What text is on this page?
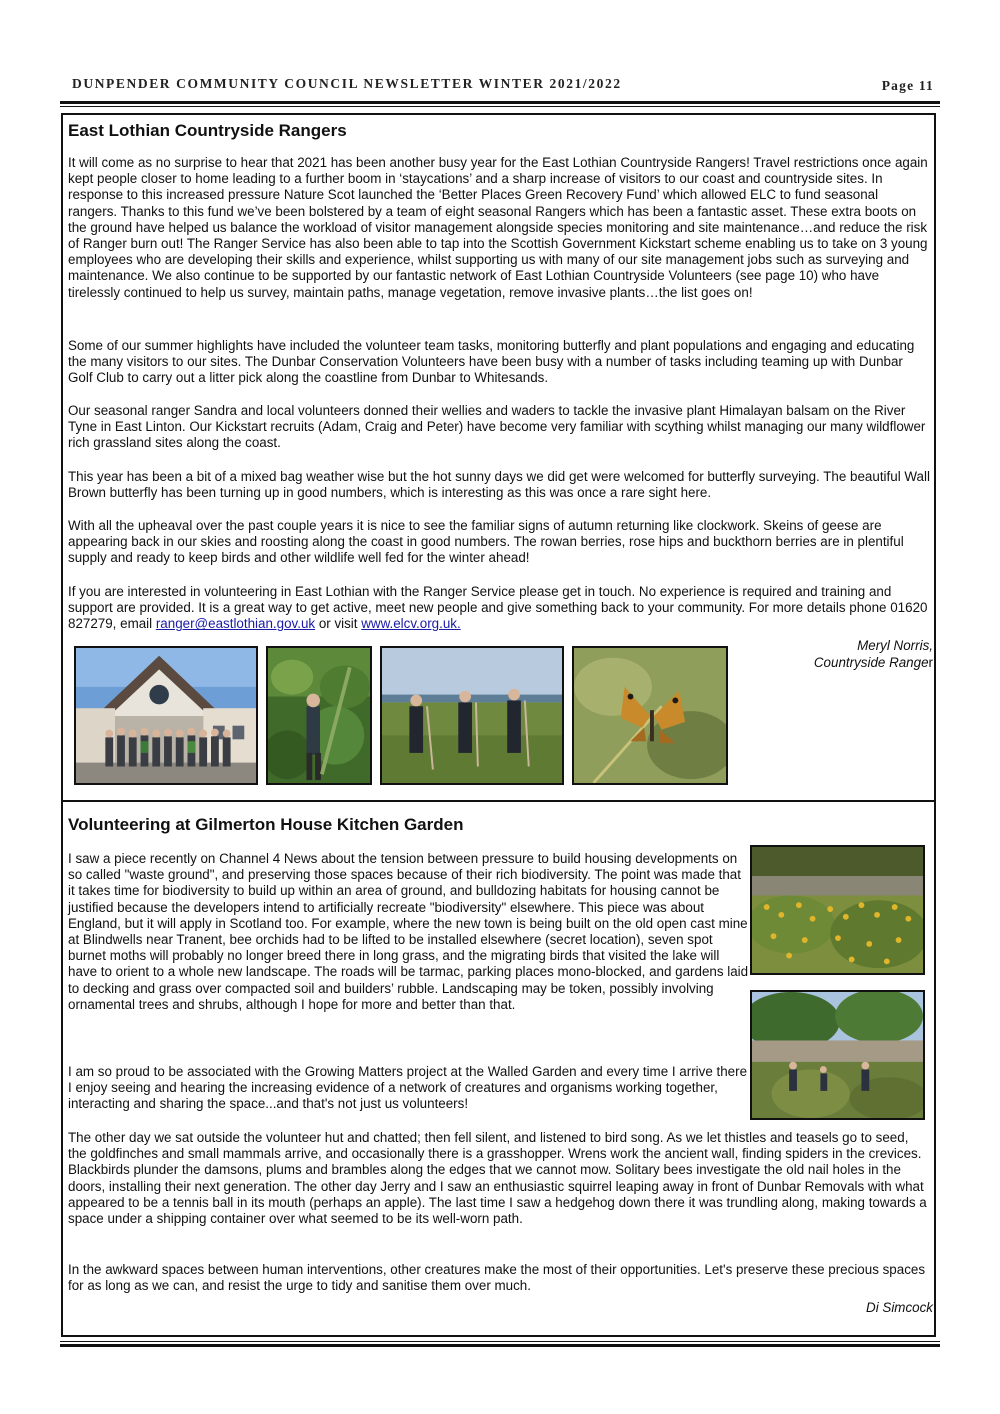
DUNPENDER COMMUNITY COUNCIL NEWSLETTER WINTER 2021/2022	Page 11
East Lothian Countryside Rangers

It will come as no surprise to hear that 2021 has been another busy year for the East Lothian Countryside Rangers! Travel restrictions once again kept people closer to home leading to a further boom in ‘staycations’ and a sharp increase of visitors to our coast and countryside sites. In response to this increased pressure Nature Scot launched the ‘Better Places Green Recovery Fund’ which allowed ELC to fund seasonal rangers. Thanks to this fund we’ve been bolstered by a team of eight seasonal Rangers which has been a fantastic asset. These extra boots on the ground have helped us balance the workload of visitor management alongside species monitoring and site maintenance…and reduce the risk of Ranger burn out! The Ranger Service has also been able to tap into the Scottish Government Kickstart scheme enabling us to take on 3 young employees who are developing their skills and experience, whilst supporting us with many of our site management jobs such as surveying and maintenance. We also continue to be supported by our fantastic network of East Lothian Countryside Volunteers (see page 10) who have tirelessly continued to help us survey, maintain paths, manage vegetation, remove invasive plants…the list goes on!

Some of our summer highlights have included the volunteer team tasks, monitoring butterfly and plant populations and engaging and educating the many visitors to our sites. The Dunbar Conservation Volunteers have been busy with a number of tasks including teaming up with Dunbar Golf Club to carry out a litter pick along the coastline from Dunbar to Whitesands.

Our seasonal ranger Sandra and local volunteers donned their wellies and waders to tackle the invasive plant Himalayan balsam on the River Tyne in East Linton. Our Kickstart recruits (Adam, Craig and Peter) have become very familiar with scything whilst managing our many wildflower rich grassland sites along the coast.

This year has been a bit of a mixed bag weather wise but the hot sunny days we did get were welcomed for butterfly surveying. The beautiful Wall Brown butterfly has been turning up in good numbers, which is interesting as this was once a rare sight here.

With all the upheaval over the past couple years it is nice to see the familiar signs of autumn returning like clockwork. Skeins of geese are appearing back in our skies and roosting along the coast in good numbers. The rowan berries, rose hips and buckthorn berries are in plentiful supply and ready to keep birds and other wildlife well fed for the winter ahead!

If you are interested in volunteering in East Lothian with the Ranger Service please get in touch. No experience is required and training and support are provided. It is a great way to get active, meet new people and give something back to your community. For more details phone 01620 827279, email ranger@eastlothian.gov.uk or visit www.elcv.org.uk.

Meryl Norris,
Countryside Ranger
Volunteering at Gilmerton House Kitchen Garden

I saw a piece recently on Channel 4 News about the tension between pressure to build housing developments on so called "waste ground", and preserving those spaces because of their rich biodiversity. The point was made that it takes time for biodiversity to build up within an area of ground, and bulldozing habitats for housing cannot be justified because the developers intend to artificially recreate "biodiversity" elsewhere. This piece was about England, but it will apply in Scotland too. For example, where the new town is being built on the old open cast mine at Blindwells near Tranent, bee orchids had to be lifted to be installed elsewhere (secret location), seven spot burnet moths will probably no longer breed there in long grass, and the migrating birds that visited the lake will have to orient to a whole new landscape. The roads will be tarmac, parking places mono-blocked, and gardens laid to decking and grass over compacted soil and builders’ rubble. Landscaping may be token, possibly involving ornamental trees and shrubs, although I hope for more and better than that.

I am so proud to be associated with the Growing Matters project at the Walled Garden and every time I arrive there I enjoy seeing and hearing the increasing evidence of a network of creatures and organisms working together, interacting and sharing the space...and that's not just us volunteers!

The other day we sat outside the volunteer hut and chatted; then fell silent, and listened to bird song. As we let thistles and teasels go to seed, the goldfinches and small mammals arrive, and occasionally there is a grasshopper. Wrens work the ancient wall, finding spiders in the crevices. Blackbirds plunder the damsons, plums and brambles along the edges that we cannot mow. Solitary bees investigate the old nail holes in the doors, installing their next generation. The other day Jerry and I saw an enthusiastic squirrel leaping away in front of Dunbar Removals with what appeared to be a tennis ball in its mouth (perhaps an apple). The last time I saw a hedgehog down there it was trundling along, making towards a space under a shipping container over what seemed to be its well-worn path.

In the awkward spaces between human interventions, other creatures make the most of their opportunities. Let's preserve these precious spaces for as long as we can, and resist the urge to tidy and sanitise them over much.

Di Simcock
